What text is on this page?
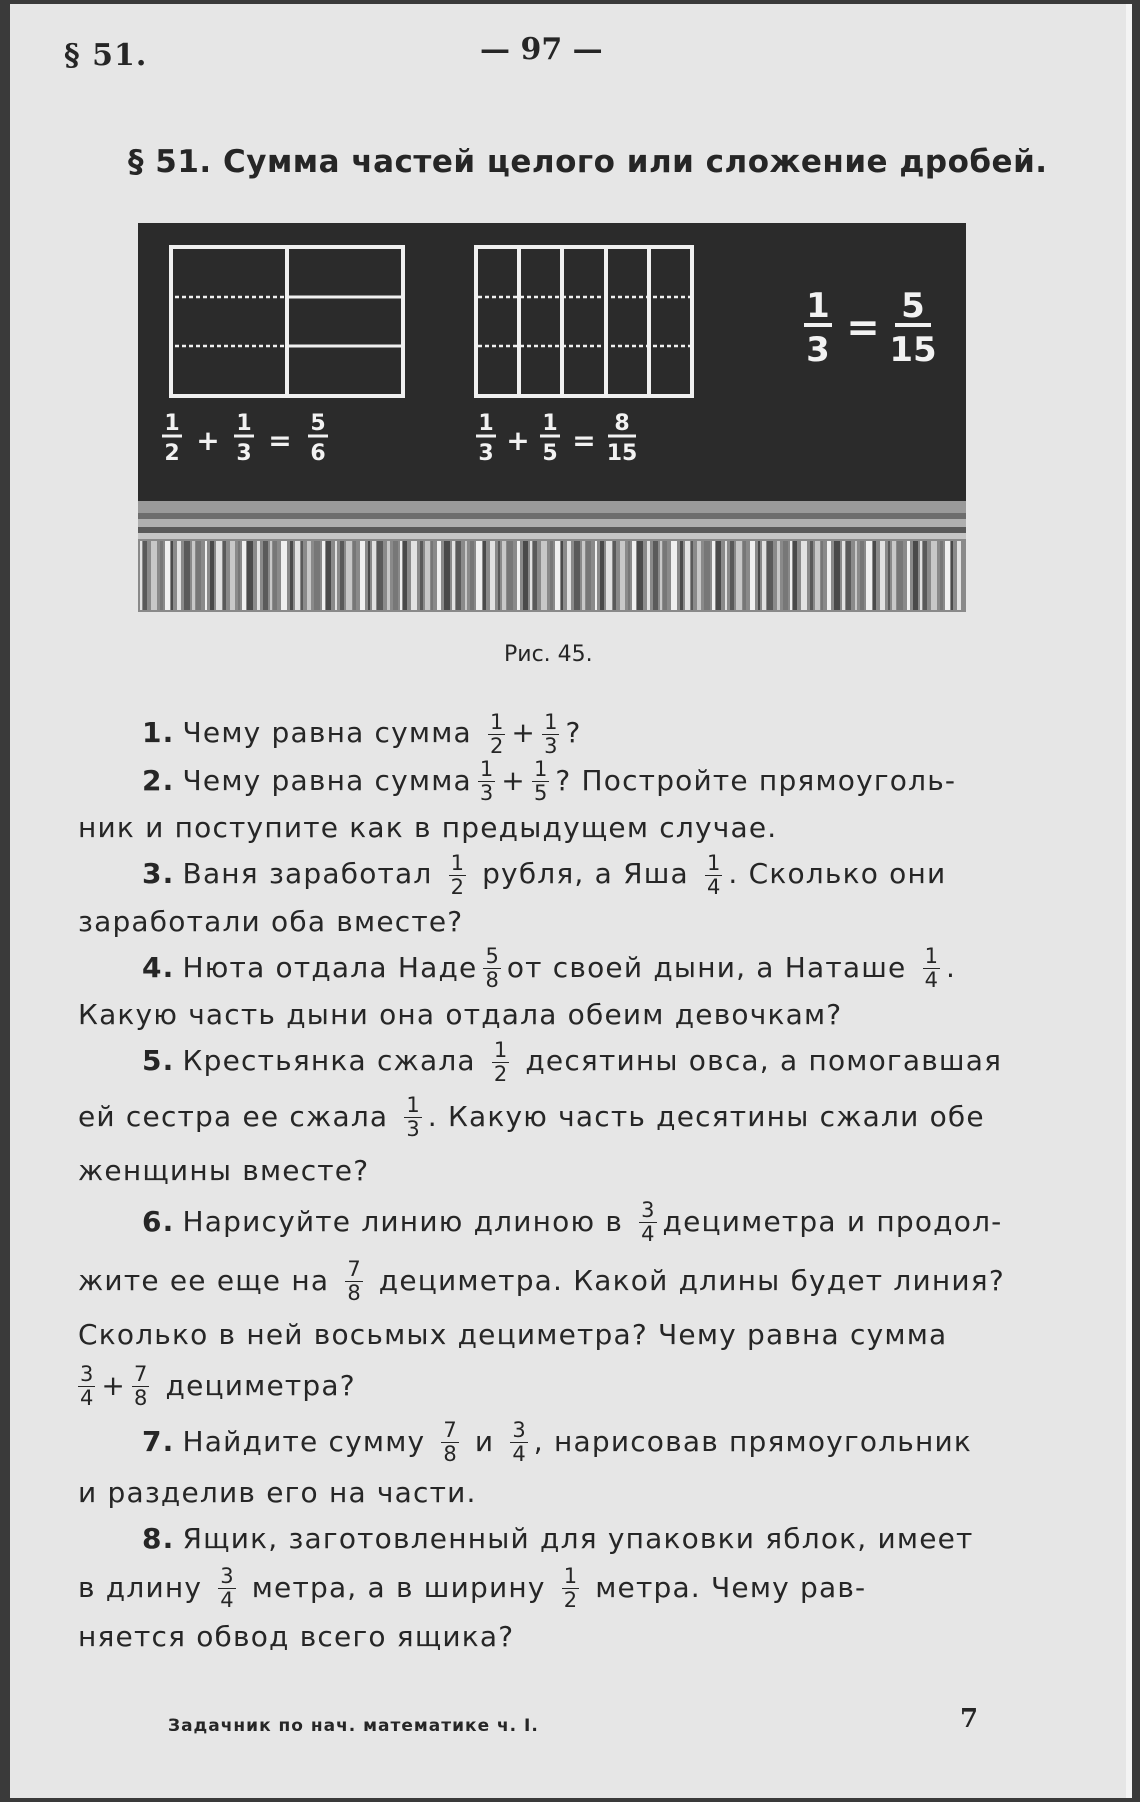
§ 51.	— 97 —
§ 51. Сумма частей целого или сложение дробей.
1
2 +
1
3 =
5
6
1
3 +
1
5 =
8
15
1
3 = 5
15
Рис. 45.
1. Чему равна сумма $\frac{1}{2} + \frac{1}{3}$ ?
2. Чему равна сумма $\frac{1}{3} + \frac{1}{5}$ ? Постройте прямоуголь-
ник и поступите как в предыдущем случае.
3. Ваня заработал $\frac{1}{2}$ рубля, а Яша $\frac{1}{4}$ . Сколько они
заработали оба вместе?
4. Нюта отдала Наде $\frac{5}{8}$ от своей дыни, а Наташе $\frac{1}{4}$ .
Какую часть дыни она отдала обеим девочкам?
5. Крестьянка сжала $\frac{1}{2}$ десятины овса, а помогавшая
ей сестра ее сжала $\frac{1}{3}$ . Какую часть десятины сжали обе
женщины вместе?
6. Нарисуйте линию длиною в $\frac{3}{4}$ дециметра и продол-
жите ее еще на $\frac{7}{8}$ дециметра. Какой длины будет линия?
Сколько в ней восьмых дециметра? Чему равна сумма
$\frac{3}{4} + \frac{7}{8}$ дециметра?
7. Найдите сумму $\frac{7}{8}$ и $\frac{3}{4}$ , нарисовав прямоугольник
и разделив его на части.
8. Ящик, заготовленный для упаковки яблок, имеет
в длину $\frac{3}{4}$ метра, а в ширину $\frac{1}{2}$ метра. Чему рав-
няется обвод всего ящика?
Задачник по нач. математике ч. I.	7
